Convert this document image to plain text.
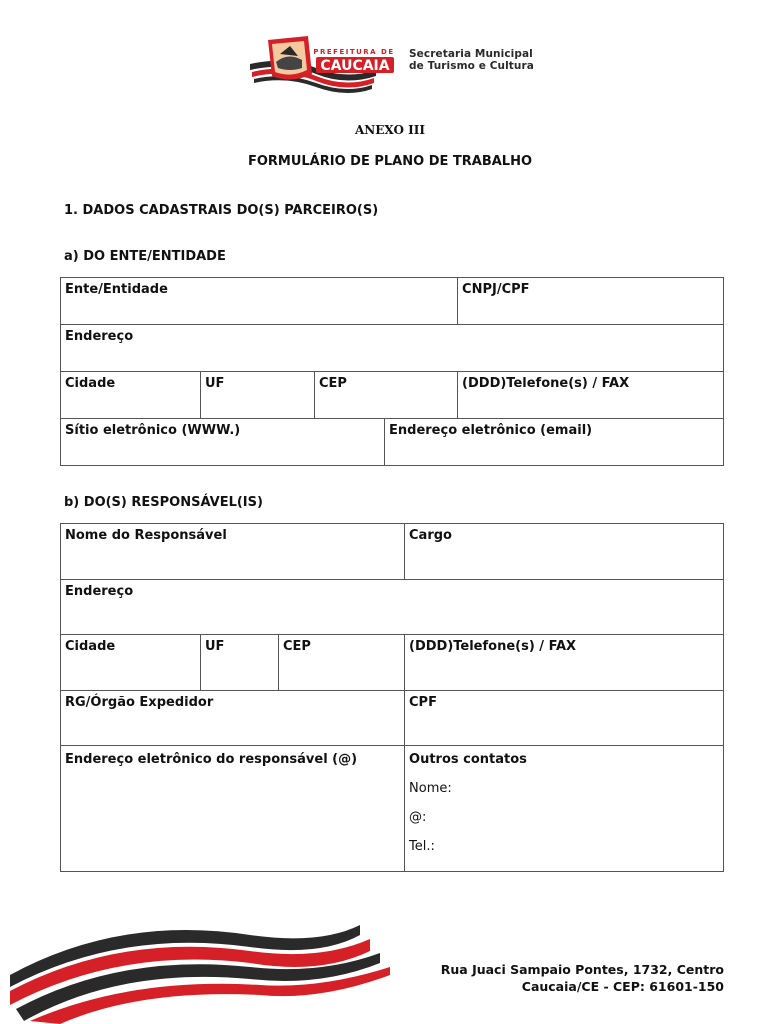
PREFEITURA DE
CAUCAIA
Secretaria Municipal
de Turismo e Cultura
ANEXO III
FORMULÁRIO DE PLANO DE TRABALHO
1. DADOS CADASTRAIS DO(S) PARCEIRO(S)
a) DO ENTE/ENTIDADE
Ente/Entidade				CNPJ/CPF
Endereço				
Cidade	UF	CEP		(DDD)Telefone(s) / FAX
Sítio eletrônico (WWW.)			Endereço eletrônico (email)	
b) DO(S) RESPONSÁVEL(IS)
Nome do Responsável			Cargo
Endereço			
Cidade	UF	CEP	(DDD)Telefone(s) / FAX
RG/Órgão Expedidor			CPF
Endereço eletrônico do responsável (@)			Outros contatos
Nome:
@:
Tel.:
Rua Juaci Sampaio Pontes, 1732, Centro
Caucaia/CE - CEP: 61601-150
